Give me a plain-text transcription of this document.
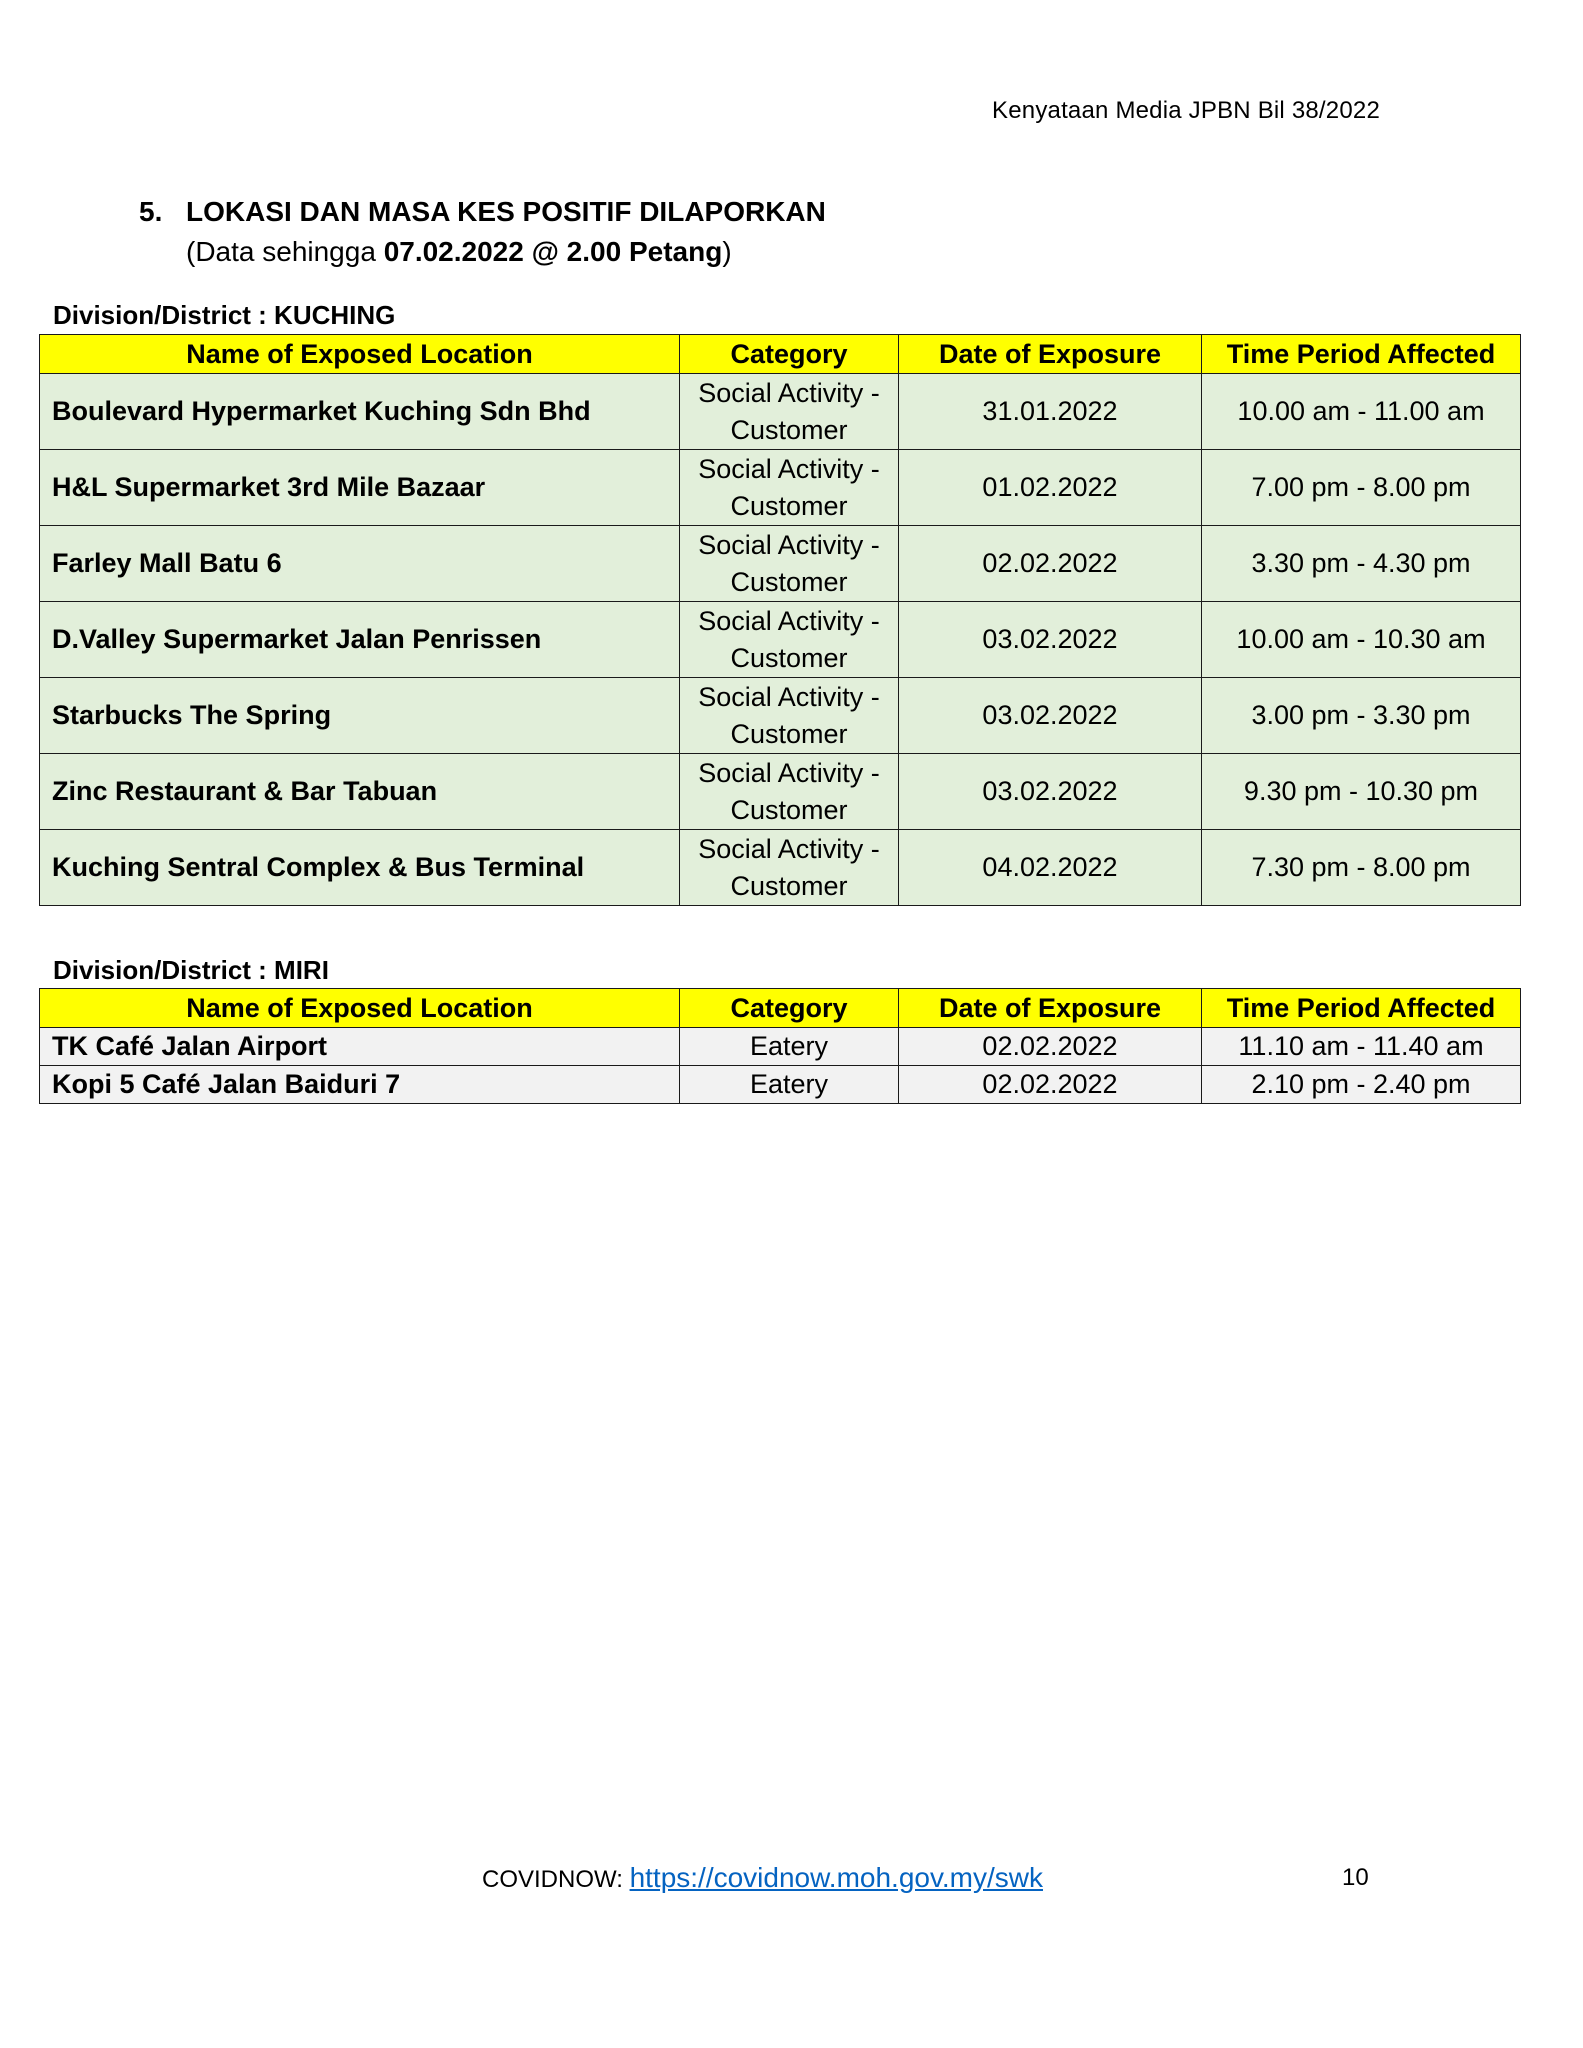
Kenyataan Media JPBN Bil 38/2022
5. LOKASI DAN MASA KES POSITIF DILAPORKAN
(Data sehingga 07.02.2022 @ 2.00 Petang)
Division/District : KUCHING
Name of Exposed Location	Category	Date of Exposure	Time Period Affected
Boulevard Hypermarket Kuching Sdn Bhd	Social Activity - Customer	31.01.2022	10.00 am - 11.00 am
H&L Supermarket 3rd Mile Bazaar	Social Activity - Customer	01.02.2022	7.00 pm - 8.00 pm
Farley Mall Batu 6	Social Activity - Customer	02.02.2022	3.30 pm - 4.30 pm
D.Valley Supermarket Jalan Penrissen	Social Activity - Customer	03.02.2022	10.00 am - 10.30 am
Starbucks The Spring	Social Activity - Customer	03.02.2022	3.00 pm - 3.30 pm
Zinc Restaurant & Bar Tabuan	Social Activity - Customer	03.02.2022	9.30 pm - 10.30 pm
Kuching Sentral Complex & Bus Terminal	Social Activity - Customer	04.02.2022	7.30 pm - 8.00 pm
Division/District : MIRI
Name of Exposed Location	Category	Date of Exposure	Time Period Affected
TK Café Jalan Airport	Eatery	02.02.2022	11.10 am - 11.40 am
Kopi 5 Café Jalan Baiduri 7	Eatery	02.02.2022	2.10 pm - 2.40 pm
COVIDNOW: https://covidnow.moh.gov.my/swk	10
